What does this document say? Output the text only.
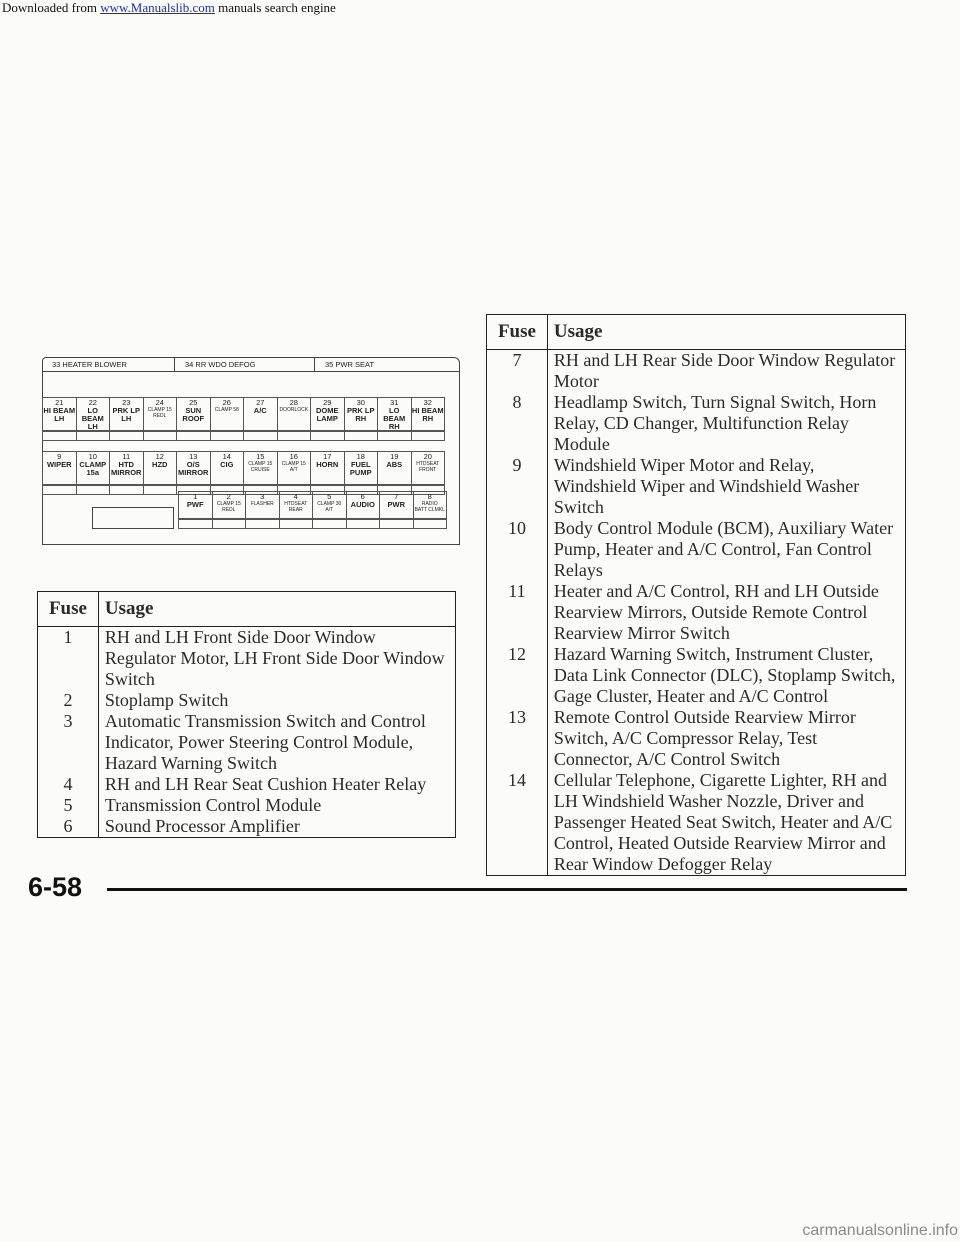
Downloaded from www.Manualslib.com manuals search engine
33 HEATER BLOWER	34 RR WDO DEFOG	35 PWR SEAT
21
HI BEAM
LH
22
LO BEAM
LH
23
PRK LP
LH
24
CLAMP 15
REDL
25
SUN
ROOF
26
CLAMP 58
27
A/C
28
DOORLOCK
29
DOME
LAMP
30
PRK LP
RH
31
LO BEAM
RH
32
HI BEAM
RH
9
WIPER
10
CLAMP
15a
11
HTD
MIRROR
12
HZD
13
O/S
MIRROR
14
CIG
15
CLAMP 15
CRUISE
16
CLAMP 15
A/T
17
HORN
18
FUEL
PUMP
19
ABS
20
HTDSEAT
FRONT
1
PWF
2
CLAMP 15
REDL
3
FLASHER
4
HTDSEAT
REAR
5
CLAMP 30
A/T
6
AUDIO
7
PWR
8
RADIO
BATT CLMKL
Fuse	Usage
1	RH and LH Front Side Door Window Regulator Motor, LH Front Side Door Window Switch
2	Stoplamp Switch
3	Automatic Transmission Switch and Control Indicator, Power Steering Control Module, Hazard Warning Switch
4	RH and LH Rear Seat Cushion Heater Relay
5	Transmission Control Module
6	Sound Processor Amplifier
Fuse	Usage
7	RH and LH Rear Side Door Window Regulator Motor
8	Headlamp Switch, Turn Signal Switch, Horn Relay, CD Changer, Multifunction Relay Module
9	Windshield Wiper Motor and Relay, Windshield Wiper and Windshield Washer Switch
10	Body Control Module (BCM), Auxiliary Water Pump, Heater and A/C Control, Fan Control Relays
11	Heater and A/C Control, RH and LH Outside Rearview Mirrors, Outside Remote Control Rearview Mirror Switch
12	Hazard Warning Switch, Instrument Cluster, Data Link Connector (DLC), Stoplamp Switch, Gage Cluster, Heater and A/C Control
13	Remote Control Outside Rearview Mirror Switch, A/C Compressor Relay, Test Connector, A/C Control Switch
14	Cellular Telephone, Cigarette Lighter, RH and LH Windshield Washer Nozzle, Driver and Passenger Heated Seat Switch, Heater and A/C Control, Heated Outside Rearview Mirror and Rear Window Defogger Relay
6-58
carmanualsonline.info
